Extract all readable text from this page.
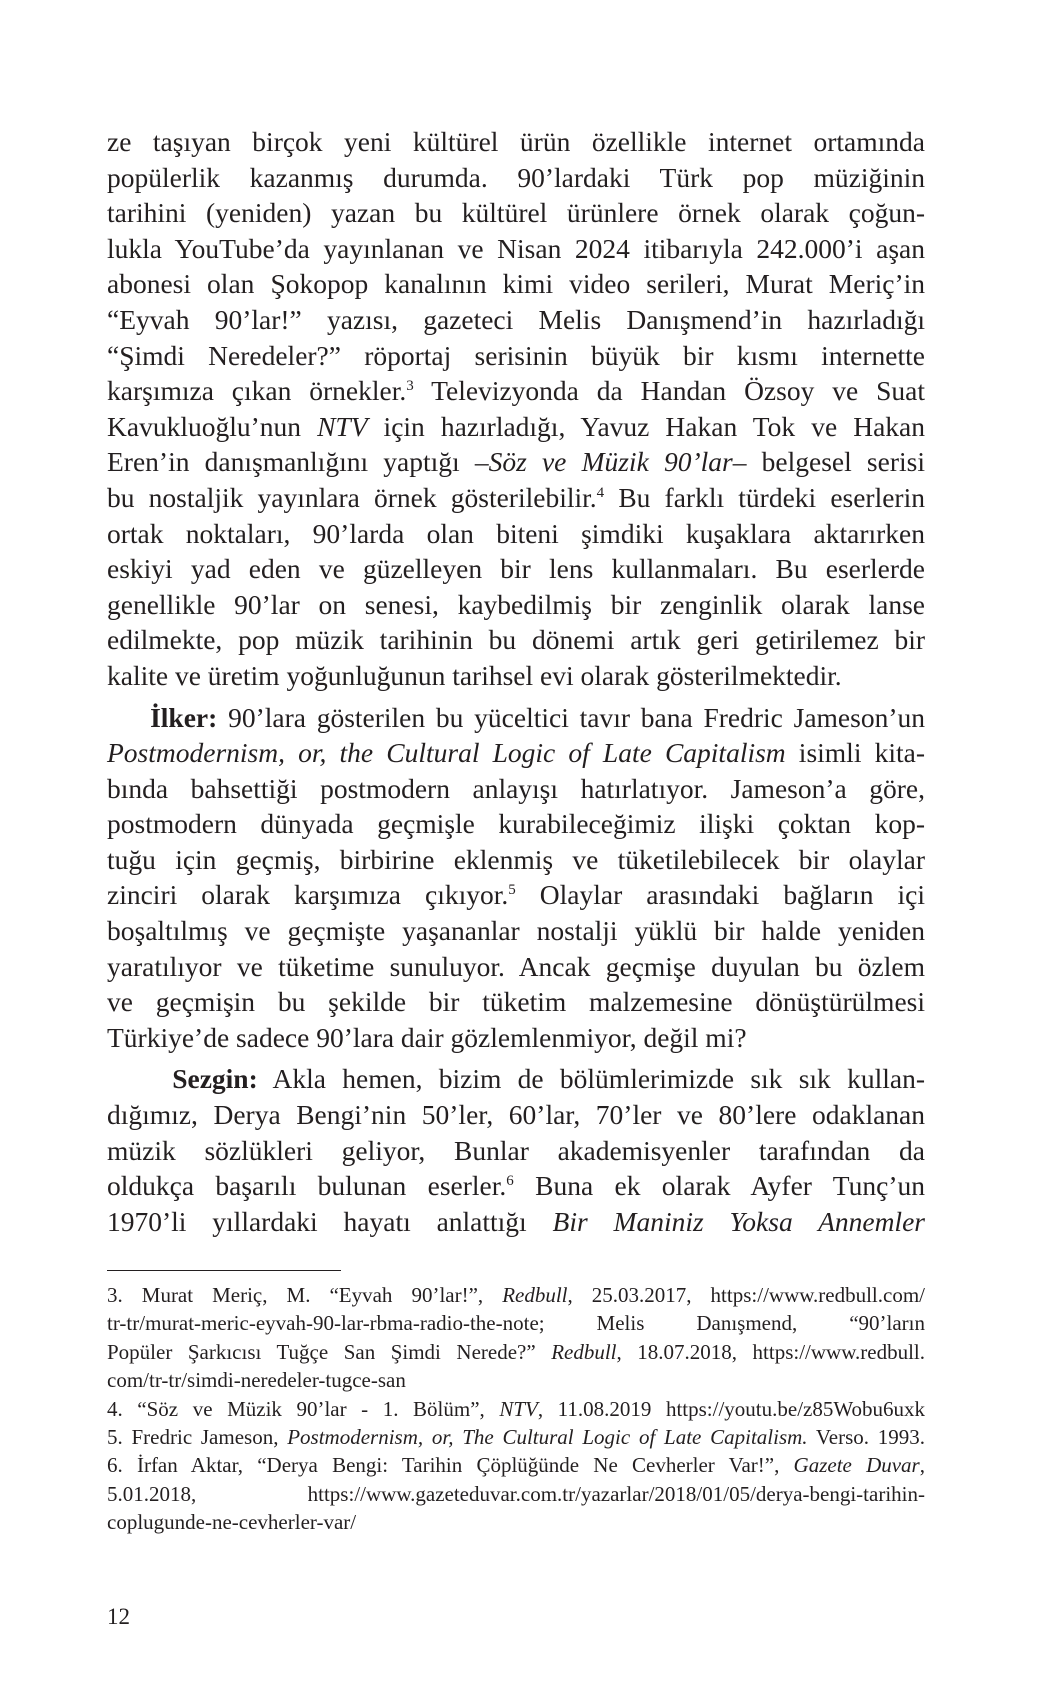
ze taşıyan birçok yeni kültürel ürün özellikle internet ortamında
popülerlik kazanmış durumda. 90’lardaki Türk pop müziğinin
tarihini (yeniden) yazan bu kültürel ürünlere örnek olarak çoğun-
lukla YouTube’da yayınlanan ve Nisan 2024 itibarıyla 242.000’i aşan
abonesi olan Şokopop kanalının kimi video serileri, Murat Meriç’in
“Eyvah 90’lar!” yazısı, gazeteci Melis Danışmend’in hazırladığı
“Şimdi Neredeler?” röportaj serisinin büyük bir kısmı internette
karşımıza çıkan örnekler.$^3$ Televizyonda da Handan Özsoy ve Suat
Kavukluoğlu’nun NTV için hazırladığı, Yavuz Hakan Tok ve Hakan
Eren’in danışmanlığını yaptığı –Söz ve Müzik 90’lar– belgesel serisi
bu nostaljik yayınlara örnek gösterilebilir.$^4$ Bu farklı türdeki eserlerin
ortak noktaları, 90’larda olan biteni şimdiki kuşaklara aktarırken
eskiyi yad eden ve güzelleyen bir lens kullanmaları. Bu eserlerde
genellikle 90’lar on senesi, kaybedilmiş bir zenginlik olarak lanse
edilmekte, pop müzik tarihinin bu dönemi artık geri getirilemez bir
kalite ve üretim yoğunluğunun tarihsel evi olarak gösterilmektedir.
İlker: 90’lara gösterilen bu yüceltici tavır bana Fredric Jameson’un
Postmodernism, or, the Cultural Logic of Late Capitalism isimli kita-
bında bahsettiği postmodern anlayışı hatırlatıyor. Jameson’a göre,
postmodern dünyada geçmişle kurabileceğimiz ilişki çoktan kop-
tuğu için geçmiş, birbirine eklenmiş ve tüketilebilecek bir olaylar
zinciri olarak karşımıza çıkıyor.$^5$ Olaylar arasındaki bağların içi
boşaltılmış ve geçmişte yaşananlar nostalji yüklü bir halde yeniden
yaratılıyor ve tüketime sunuluyor. Ancak geçmişe duyulan bu özlem
ve geçmişin bu şekilde bir tüketim malzemesine dönüştürülmesi
Türkiye’de sadece 90’lara dair gözlemlenmiyor, değil mi?
Sezgin: Akla hemen, bizim de bölümlerimizde sık sık kullan-
dığımız, Derya Bengi’nin 50’ler, 60’lar, 70’ler ve 80’lere odaklanan
müzik sözlükleri geliyor, Bunlar akademisyenler tarafından da
oldukça başarılı bulunan eserler.$^6$ Buna ek olarak Ayfer Tunç’un
1970’li yıllardaki hayatı anlattığı Bir Maniniz Yoksa Annemler
3. Murat Meriç, M. “Eyvah 90’lar!”, Redbull, 25.03.2017, https://www.redbull.com/
tr-tr/murat-meric-eyvah-90-lar-rbma-radio-the-note; Melis Danışmend, “90’ların
Popüler Şarkıcısı Tuğçe San Şimdi Nerede?” Redbull, 18.07.2018, https://www.redbull.
com/tr-tr/simdi-neredeler-tugce-san
4. “Söz ve Müzik 90’lar - 1. Bölüm”, NTV, 11.08.2019 https://youtu.be/z85Wobu6uxk
5. Fredric Jameson, Postmodernism, or, The Cultural Logic of Late Capitalism. Verso. 1993.
6. İrfan Aktar, “Derya Bengi: Tarihin Çöplüğünde Ne Cevherler Var!”, Gazete Duvar,
5.01.2018, https://www.gazeteduvar.com.tr/yazarlar/2018/01/05/derya-bengi-tarihin-
coplugunde-ne-cevherler-var/
12
